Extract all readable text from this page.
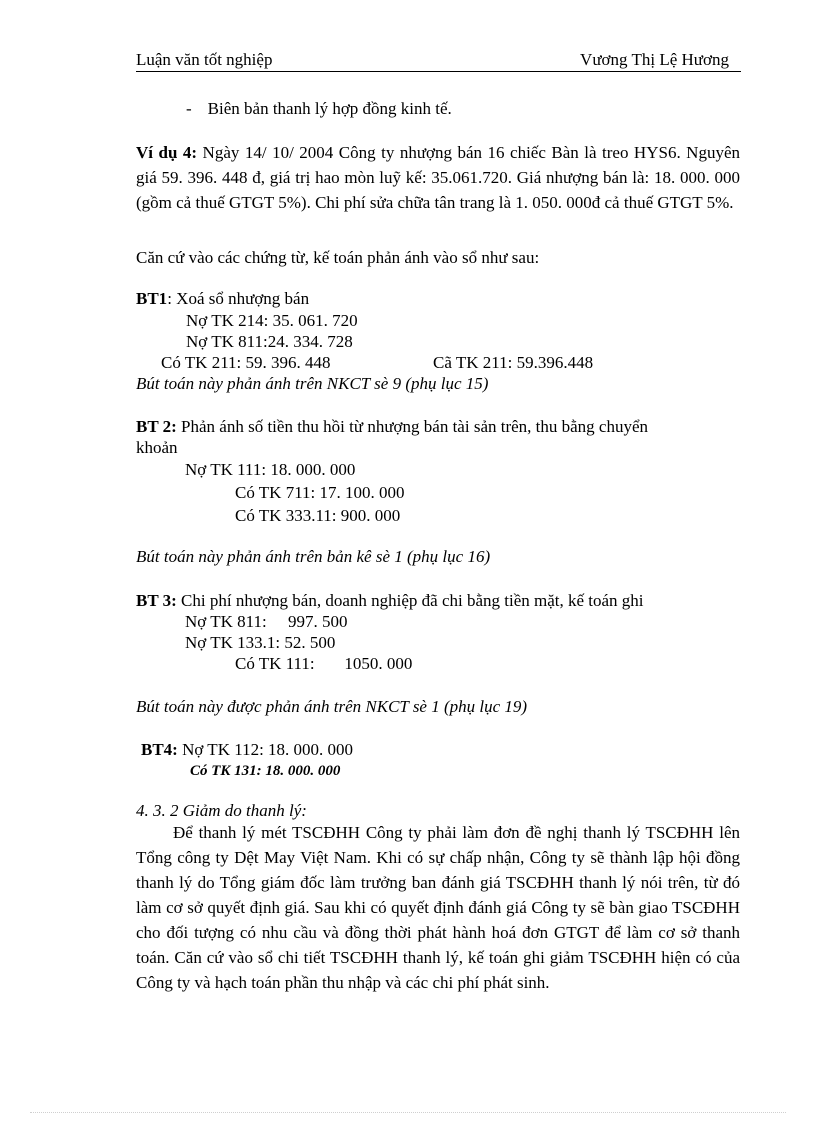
Luận văn tốt nghiệp	Vương Thị Lệ Hương
- Biên bản thanh lý hợp đồng kinh tế.
Ví dụ 4: Ngày 14/ 10/ 2004 Công ty nhượng bán 16 chiếc Bàn là treo HYS6. Nguyên giá 59. 396. 448 đ, giá trị hao mòn luỹ kế: 35.061.720. Giá nhượng bán là: 18. 000. 000 (gồm cả thuế GTGT 5%). Chi phí sửa chữa tân trang là 1. 050. 000đ cả thuế GTGT 5%.
Căn cứ vào các chứng từ, kế toán phản ánh vào sổ như sau:
BT1: Xoá sổ nhượng bán
Nợ TK 214: 35. 061. 720
Nợ TK 811:24. 334. 728
Có TK 211: 59. 396. 448	Cã TK 211: 59.396.448
Bút toán này phản ánh trên NKCT sè 9 (phụ lục 15)
BT 2: Phản ánh số tiền thu hồi từ nhượng bán tài sản trên, thu bằng chuyển
khoản
Nợ TK 111: 18. 000. 000
Có TK 711: 17. 100. 000
Có TK 333.11: 900. 000
Bút toán này phản ánh trên bản kê sè 1 (phụ lục 16)
BT 3: Chi phí nhượng bán, doanh nghiệp đã chi bằng tiền mặt, kế toán ghi
Nợ TK 811:     997. 500
Nợ TK 133.1: 52. 500
Có TK 111:       1050. 000
Bút toán này được phản ánh trên NKCT sè 1 (phụ lục 19)
BT4: Nợ TK 112: 18. 000. 000
Có TK 131: 18. 000. 000
4. 3. 2 Giảm do thanh lý:
Để thanh lý mét TSCĐHH Công ty phải làm đơn đề nghị thanh lý TSCĐHH lên Tổng công ty Dệt May Việt Nam. Khi có sự chấp nhận, Công ty sẽ thành lập hội đồng thanh lý do Tổng giám đốc làm trưởng ban đánh giá TSCĐHH thanh lý nói trên, từ đó làm cơ sở quyết định giá. Sau khi có quyết định đánh giá Công ty sẽ bàn giao TSCĐHH cho đối tượng có nhu cầu và đồng thời phát hành hoá đơn GTGT để làm cơ sở thanh toán. Căn cứ vào sổ chi tiết TSCĐHH thanh lý, kế toán ghi giảm TSCĐHH hiện có của Công ty và hạch toán phần thu nhập và các chi phí phát sinh.
